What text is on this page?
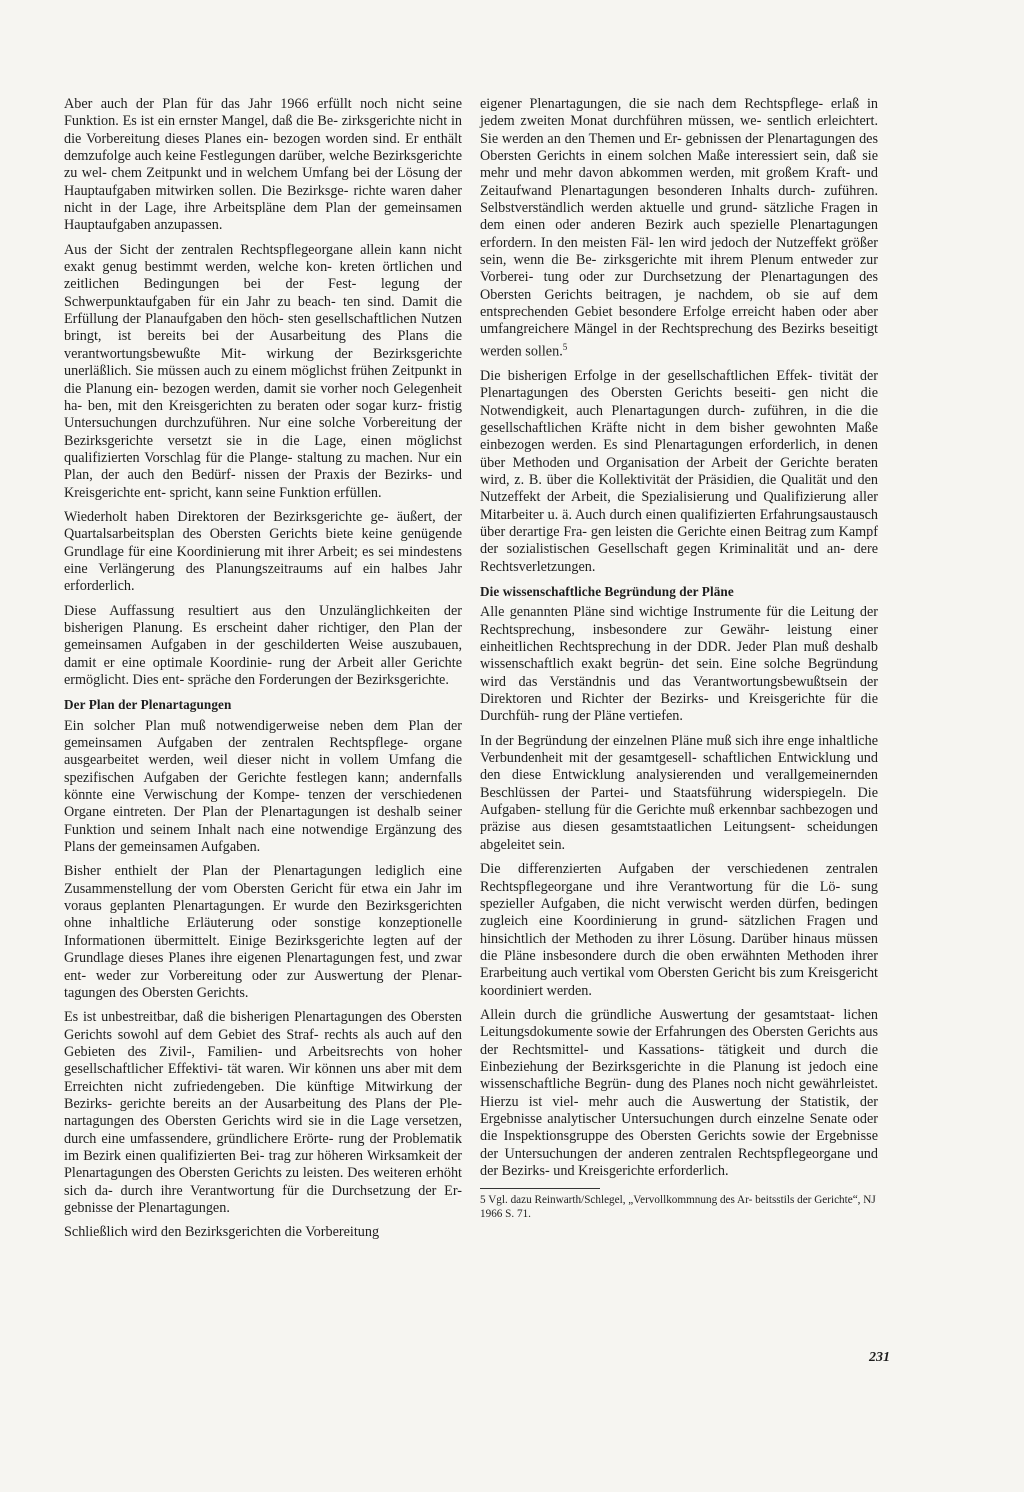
Aber auch der Plan für das Jahr 1966 erfüllt noch nicht seine Funktion. Es ist ein ernster Mangel, daß die Be- zirksgerichte nicht in die Vorbereitung dieses Planes ein- bezogen worden sind. Er enthält demzufolge auch keine Festlegungen darüber, welche Bezirksgerichte zu wel- chem Zeitpunkt und in welchem Umfang bei der Lösung der Hauptaufgaben mitwirken sollen. Die Bezirksge- richte waren daher nicht in der Lage, ihre Arbeitspläne dem Plan der gemeinsamen Hauptaufgaben anzupassen.

Aus der Sicht der zentralen Rechtspflegeorgane allein kann nicht exakt genug bestimmt werden, welche kon- kreten örtlichen und zeitlichen Bedingungen bei der Fest- legung der Schwerpunktaufgaben für ein Jahr zu beach- ten sind. Damit die Erfüllung der Planaufgaben den höch- sten gesellschaftlichen Nutzen bringt, ist bereits bei der Ausarbeitung des Plans die verantwortungsbewußte Mit- wirkung der Bezirksgerichte unerläßlich. Sie müssen auch zu einem möglichst frühen Zeitpunkt in die Planung ein- bezogen werden, damit sie vorher noch Gelegenheit ha- ben, mit den Kreisgerichten zu beraten oder sogar kurz- fristig Untersuchungen durchzuführen. Nur eine solche Vorbereitung der Bezirksgerichte versetzt sie in die Lage, einen möglichst qualifizierten Vorschlag für die Plange- staltung zu machen. Nur ein Plan, der auch den Bedürf- nissen der Praxis der Bezirks- und Kreisgerichte ent- spricht, kann seine Funktion erfüllen.

Wiederholt haben Direktoren der Bezirksgerichte ge- äußert, der Quartalsarbeitsplan des Obersten Gerichts biete keine genügende Grundlage für eine Koordinierung mit ihrer Arbeit; es sei mindestens eine Verlängerung des Planungszeitraums auf ein halbes Jahr erforderlich.

Diese Auffassung resultiert aus den Unzulänglichkeiten der bisherigen Planung. Es erscheint daher richtiger, den Plan der gemeinsamen Aufgaben in der geschilderten Weise auszubauen, damit er eine optimale Koordinie- rung der Arbeit aller Gerichte ermöglicht. Dies ent- spräche den Forderungen der Bezirksgerichte.

Der Plan der Plenartagungen

Ein solcher Plan muß notwendigerweise neben dem Plan der gemeinsamen Aufgaben der zentralen Rechtspflege- organe ausgearbeitet werden, weil dieser nicht in vollem Umfang die spezifischen Aufgaben der Gerichte festlegen kann; andernfalls könnte eine Verwischung der Kompe- tenzen der verschiedenen Organe eintreten. Der Plan der Plenartagungen ist deshalb seiner Funktion und seinem Inhalt nach eine notwendige Ergänzung des Plans der gemeinsamen Aufgaben.

Bisher enthielt der Plan der Plenartagungen lediglich eine Zusammenstellung der vom Obersten Gericht für etwa ein Jahr im voraus geplanten Plenartagungen. Er wurde den Bezirksgerichten ohne inhaltliche Erläuterung oder sonstige konzeptionelle Informationen übermittelt. Einige Bezirksgerichte legten auf der Grundlage dieses Planes ihre eigenen Plenartagungen fest, und zwar ent- weder zur Vorbereitung oder zur Auswertung der Plenar- tagungen des Obersten Gerichts.

Es ist unbestreitbar, daß die bisherigen Plenartagungen des Obersten Gerichts sowohl auf dem Gebiet des Straf- rechts als auch auf den Gebieten des Zivil-, Familien- und Arbeitsrechts von hoher gesellschaftlicher Effektivi- tät waren. Wir können uns aber mit dem Erreichten nicht zufriedengeben. Die künftige Mitwirkung der Bezirks- gerichte bereits an der Ausarbeitung des Plans der Ple- nartagungen des Obersten Gerichts wird sie in die Lage versetzen, durch eine umfassendere, gründlichere Erörte- rung der Problematik im Bezirk einen qualifizierten Bei- trag zur höheren Wirksamkeit der Plenartagungen des Obersten Gerichts zu leisten. Des weiteren erhöht sich da- durch ihre Verantwortung für die Durchsetzung der Er- gebnisse der Plenartagungen.

Schließlich wird den Bezirksgerichten die Vorbereitung

eigener Plenartagungen, die sie nach dem Rechtspflege- erlaß in jedem zweiten Monat durchführen müssen, we- sentlich erleichtert. Sie werden an den Themen und Er- gebnissen der Plenartagungen des Obersten Gerichts in einem solchen Maße interessiert sein, daß sie mehr und mehr davon abkommen werden, mit großem Kraft- und Zeitaufwand Plenartagungen besonderen Inhalts durch- zuführen. Selbstverständlich werden aktuelle und grund- sätzliche Fragen in dem einen oder anderen Bezirk auch spezielle Plenartagungen erfordern. In den meisten Fäl- len wird jedoch der Nutzeffekt größer sein, wenn die Be- zirksgerichte mit ihrem Plenum entweder zur Vorberei- tung oder zur Durchsetzung der Plenartagungen des Obersten Gerichts beitragen, je nachdem, ob sie auf dem entsprechenden Gebiet besondere Erfolge erreicht haben oder aber umfangreichere Mängel in der Rechtsprechung des Bezirks beseitigt werden sollen.$^5$

Die bisherigen Erfolge in der gesellschaftlichen Effek- tivität der Plenartagungen des Obersten Gerichts beseiti- gen nicht die Notwendigkeit, auch Plenartagungen durch- zuführen, in die die gesellschaftlichen Kräfte nicht in dem bisher gewohnten Maße einbezogen werden. Es sind Plenartagungen erforderlich, in denen über Methoden und Organisation der Arbeit der Gerichte beraten wird, z. B. über die Kollektivität der Präsidien, die Qualität und den Nutzeffekt der Arbeit, die Spezialisierung und Qualifizierung aller Mitarbeiter u. ä. Auch durch einen qualifizierten Erfahrungsaustausch über derartige Fra- gen leisten die Gerichte einen Beitrag zum Kampf der sozialistischen Gesellschaft gegen Kriminalität und an- dere Rechtsverletzungen.

Die wissenschaftliche Begründung der Pläne

Alle genannten Pläne sind wichtige Instrumente für die Leitung der Rechtsprechung, insbesondere zur Gewähr- leistung einer einheitlichen Rechtsprechung in der DDR. Jeder Plan muß deshalb wissenschaftlich exakt begrün- det sein. Eine solche Begründung wird das Verständnis und das Verantwortungsbewußtsein der Direktoren und Richter der Bezirks- und Kreisgerichte für die Durchfüh- rung der Pläne vertiefen.

In der Begründung der einzelnen Pläne muß sich ihre enge inhaltliche Verbundenheit mit der gesamtgesell- schaftlichen Entwicklung und den diese Entwicklung analysierenden und verallgemeinernden Beschlüssen der Partei- und Staatsführung widerspiegeln. Die Aufgaben- stellung für die Gerichte muß erkennbar sachbezogen und präzise aus diesen gesamtstaatlichen Leitungsent- scheidungen abgeleitet sein.

Die differenzierten Aufgaben der verschiedenen zentralen Rechtspflegeorgane und ihre Verantwortung für die Lö- sung spezieller Aufgaben, die nicht verwischt werden dürfen, bedingen zugleich eine Koordinierung in grund- sätzlichen Fragen und hinsichtlich der Methoden zu ihrer Lösung. Darüber hinaus müssen die Pläne insbesondere durch die oben erwähnten Methoden ihrer Erarbeitung auch vertikal vom Obersten Gericht bis zum Kreisgericht koordiniert werden.

Allein durch die gründliche Auswertung der gesamtstaat- lichen Leitungsdokumente sowie der Erfahrungen des Obersten Gerichts aus der Rechtsmittel- und Kassations- tätigkeit und durch die Einbeziehung der Bezirksgerichte in die Planung ist jedoch eine wissenschaftliche Begrün- dung des Planes noch nicht gewährleistet. Hierzu ist viel- mehr auch die Auswertung der Statistik, der Ergebnisse analytischer Untersuchungen durch einzelne Senate oder die Inspektionsgruppe des Obersten Gerichts sowie der Ergebnisse der Untersuchungen der anderen zentralen Rechtspflegeorgane und der Bezirks- und Kreisgerichte erforderlich.

5 Vgl. dazu Reinwarth/Schlegel, „Vervollkommnung des Ar- beitsstils der Gerichte“, NJ 1966 S. 71.

231
